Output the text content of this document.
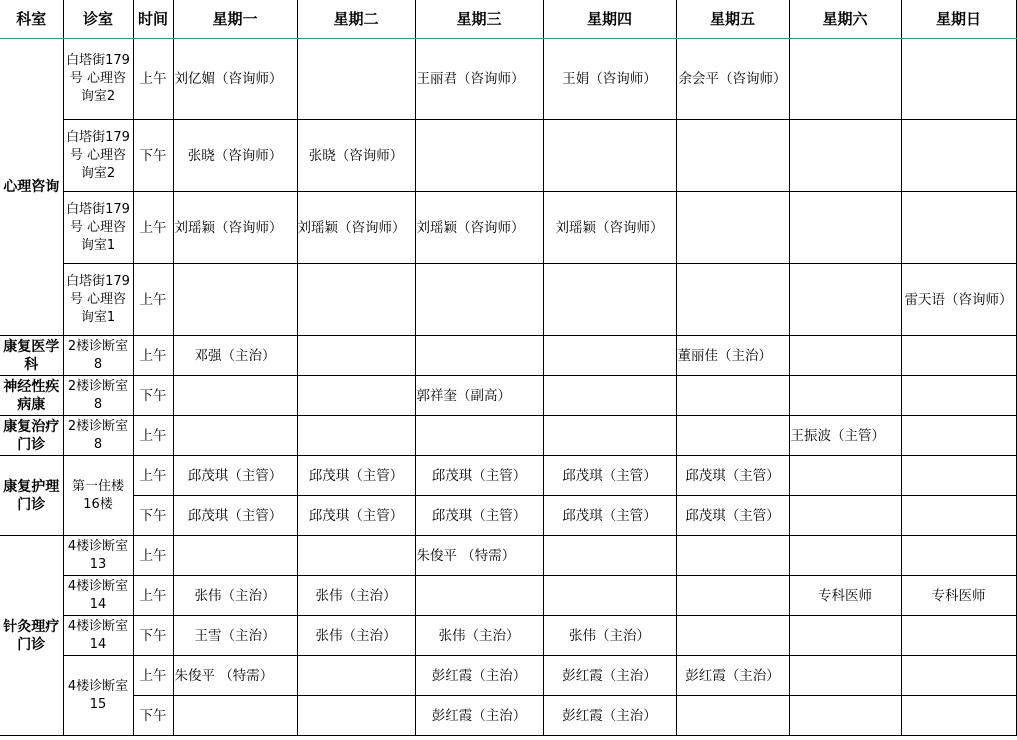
科室	诊室	时间	星期一	星期二	星期三	星期四	星期五	星期六	星期日
心理咨询	白塔街179号 心理咨询室2	上午	刘亿媚（咨询师）		王丽君（咨询师）	王娟（咨询师）	余会平（咨询师）		
	白塔街179号 心理咨询室2	下午	张晓（咨询师）	张晓（咨询师）					
	白塔街179号 心理咨询室1	上午	刘瑶颖（咨询师）	刘瑶颖（咨询师）	刘瑶颖（咨询师）	刘瑶颖（咨询师）			
	白塔街179号 心理咨询室1	上午							雷天语（咨询师）
康复医学科	2楼诊断室8	上午	邓强（主治）				董丽佳（主治）		
神经性疾病康	2楼诊断室8	下午			郭祥奎（副高）				
康复治疗门诊	2楼诊断室8	上午						王振波（主管）	
康复护理门诊	第一住楼16楼	上午	邱茂琪（主管）	邱茂琪（主管）	邱茂琪（主管）	邱茂琪（主管）	邱茂琪（主管）		
		下午	邱茂琪（主管）	邱茂琪（主管）	邱茂琪（主管）	邱茂琪（主管）	邱茂琪（主管）		
针灸理疗门诊	4楼诊断室13	上午			朱俊平 （特需）				
	4楼诊断室14	上午	张伟（主治）	张伟（主治）				专科医师	专科医师
	4楼诊断室14	下午	王雪（主治）	张伟（主治）	张伟（主治）	张伟（主治）			
	4楼诊断室15	上午	朱俊平 （特需）		彭红霞（主治）	彭红霞（主治）	彭红霞（主治）		
		下午			彭红霞（主治）	彭红霞（主治）			
